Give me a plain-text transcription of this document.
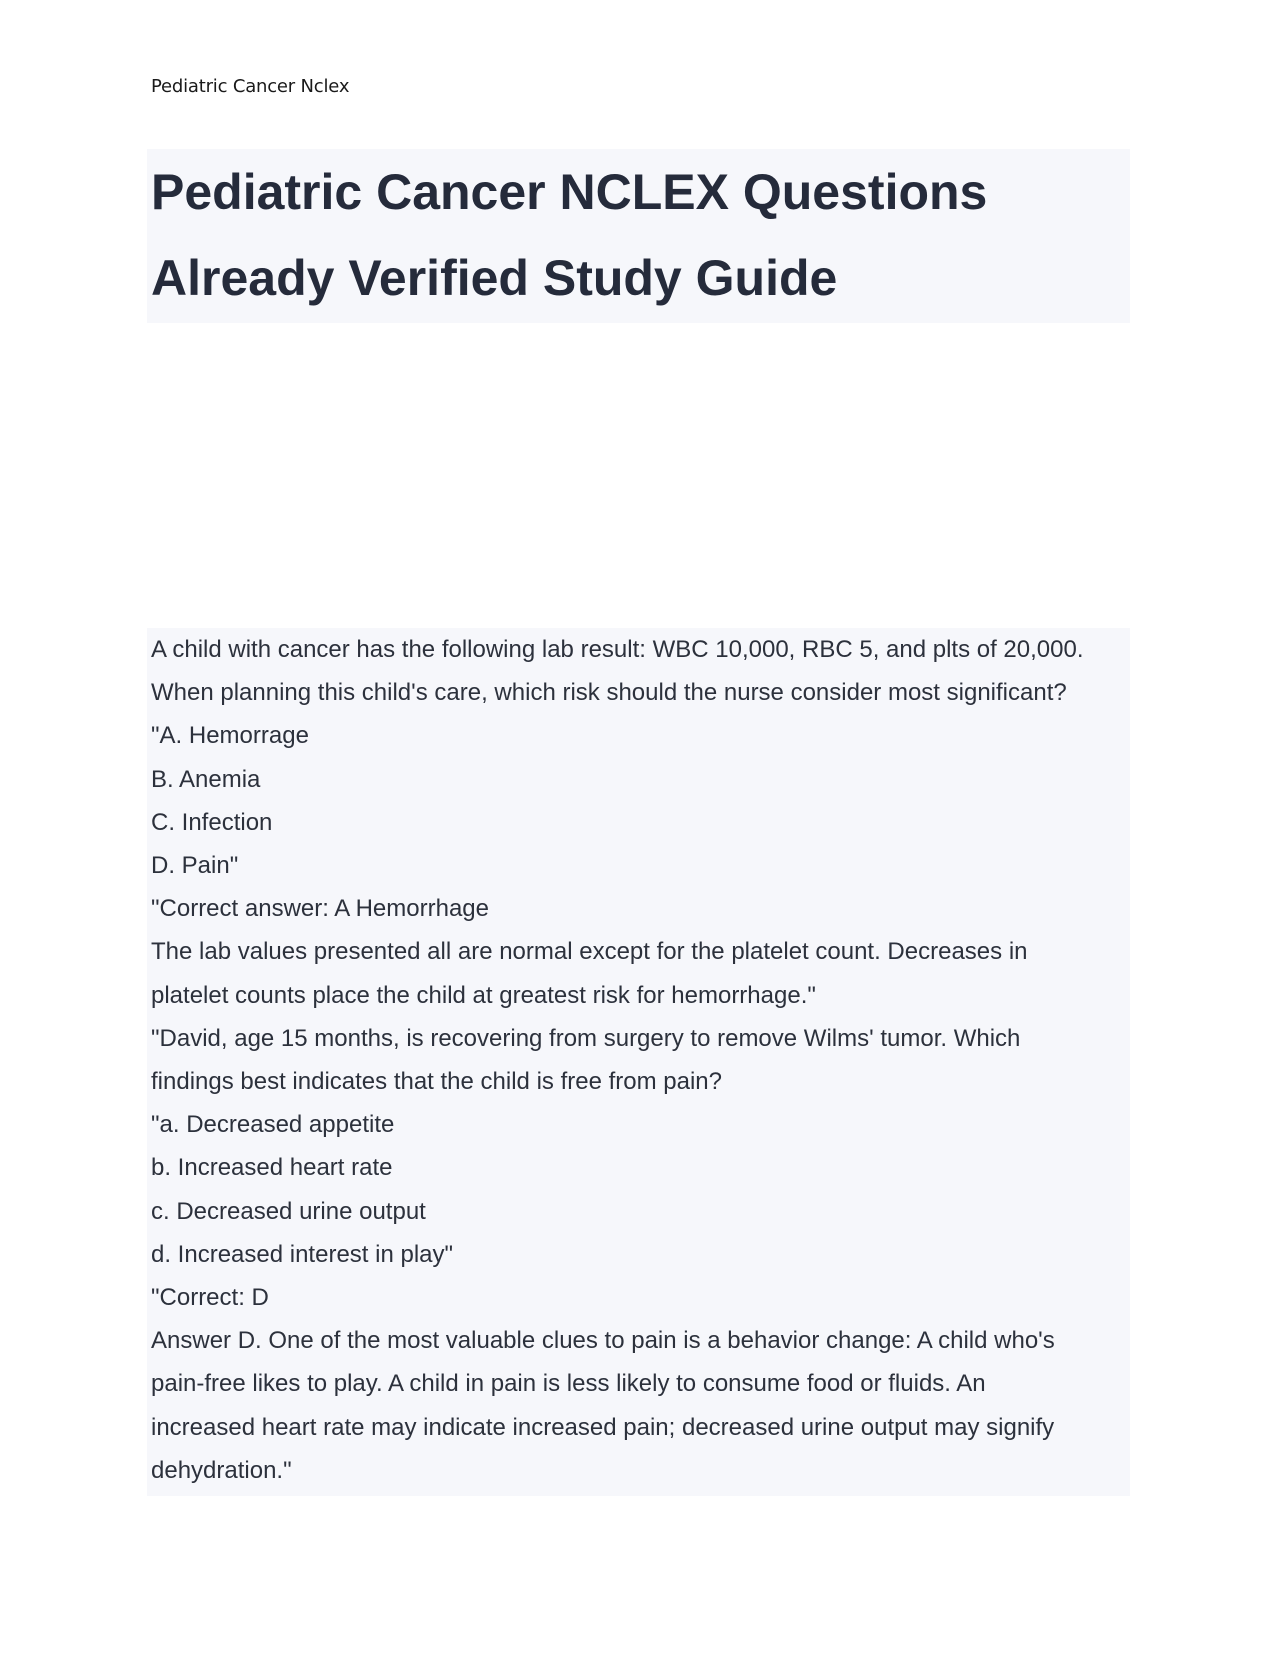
Pediatric Cancer Nclex
Pediatric Cancer NCLEX Questions
Already Verified Study Guide
A child with cancer has the following lab result: WBC 10,000, RBC 5, and plts of 20,000.
When planning this child's care, which risk should the nurse consider most significant?
"A. Hemorrage
B. Anemia
C. Infection
D. Pain"
"Correct answer: A Hemorrhage
The lab values presented all are normal except for the platelet count. Decreases in
platelet counts place the child at greatest risk for hemorrhage."
"David, age 15 months, is recovering from surgery to remove Wilms' tumor. Which
findings best indicates that the child is free from pain?
"a. Decreased appetite
b. Increased heart rate
c. Decreased urine output
d. Increased interest in play"
"Correct: D
Answer D. One of the most valuable clues to pain is a behavior change: A child who's
pain-free likes to play. A child in pain is less likely to consume food or fluids. An
increased heart rate may indicate increased pain; decreased urine output may signify
dehydration."
